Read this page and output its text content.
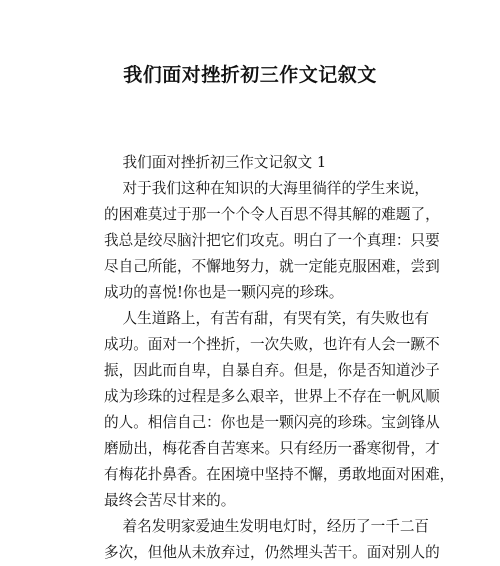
我们面对挫折初三作文记叙文
我们面对挫折初三作文记叙文 1
对于我们这种在知识的大海里徜徉的学生来说，
的困难莫过于那一个个令人百思不得其解的难题了，
我总是绞尽脑汁把它们攻克。明白了一个真理：只要
尽自己所能，不懈地努力，就一定能克服困难，尝到
成功的喜悦!你也是一颗闪亮的珍珠。
人生道路上，有苦有甜，有哭有笑，有失败也有
成功。面对一个挫折，一次失败，也许有人会一蹶不
振，因此而自卑，自暴自弃。但是，你是否知道沙子
成为珍珠的过程是多么艰辛，世界上不存在一帆风顺
的人。相信自己：你也是一颗闪亮的珍珠。宝剑锋从
磨励出，梅花香自苦寒来。只有经历一番寒彻骨，才
有梅花扑鼻香。在困境中坚持不懈，勇敢地面对困难，
最终会苦尽甘来的。
着名发明家爱迪生发明电灯时，经历了一千二百
多次，但他从未放弃过，仍然埋头苦干。面对别人的
